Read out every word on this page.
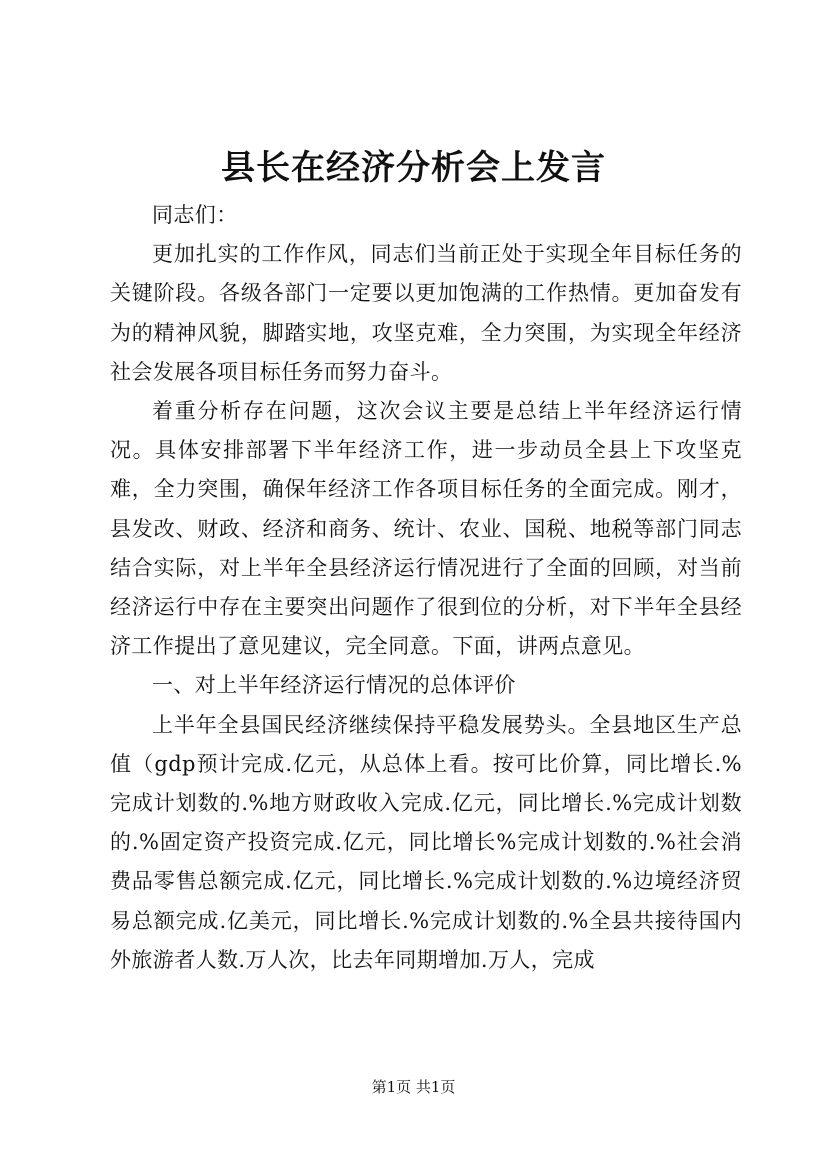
县长在经济分析会上发言

同志们：

更加扎实的工作作风，同志们当前正处于实现全年目标任务的关键阶段。各级各部门一定要以更加饱满的工作热情。更加奋发有为的精神风貌，脚踏实地，攻坚克难，全力突围，为实现全年经济社会发展各项目标任务而努力奋斗。

着重分析存在问题，这次会议主要是总结上半年经济运行情况。具体安排部署下半年经济工作，进一步动员全县上下攻坚克难，全力突围，确保年经济工作各项目标任务的全面完成。刚才，县发改、财政、经济和商务、统计、农业、国税、地税等部门同志结合实际，对上半年全县经济运行情况进行了全面的回顾，对当前经济运行中存在主要突出问题作了很到位的分析，对下半年全县经济工作提出了意见建议，完全同意。下面，讲两点意见。

一、对上半年经济运行情况的总体评价

上半年全县国民经济继续保持平稳发展势头。全县地区生产总值（gdp预计完成.亿元，从总体上看。按可比价算，同比增长.%完成计划数的.%地方财政收入完成.亿元，同比增长.%完成计划数的.%固定资产投资完成.亿元，同比增长%完成计划数的.%社会消费品零售总额完成.亿元，同比增长.%完成计划数的.%边境经济贸易总额完成.亿美元，同比增长.%完成计划数的.%全县共接待国内外旅游者人数.万人次，比去年同期增加.万人，完成

第1页 共1页
